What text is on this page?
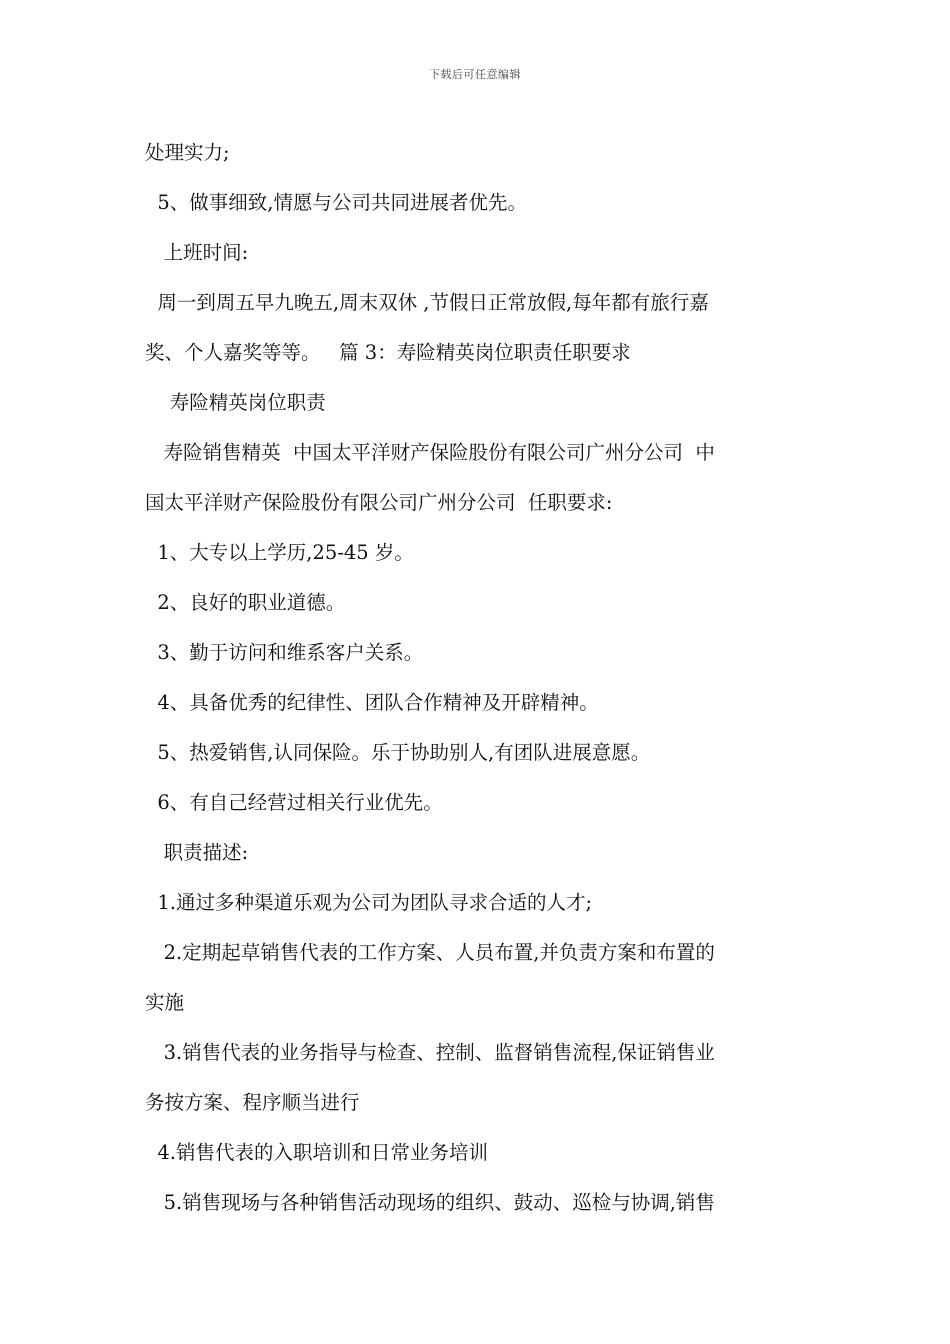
下载后可任意编辑
处理实力;
5、做事细致,情愿与公司共同进展者优先。
上班时间:
周一到周五早九晚五,周末双休 ,节假日正常放假,每年都有旅行嘉
奖、个人嘉奖等等。   篇 3：寿险精英岗位职责任职要求
寿险精英岗位职责
寿险销售精英  中国太平洋财产保险股份有限公司广州分公司  中
国太平洋财产保险股份有限公司广州分公司  任职要求:
1、大专以上学历,25-45 岁。
2、良好的职业道德。
3、勤于访问和维系客户关系。
4、具备优秀的纪律性、团队合作精神及开辟精神。
5、热爱销售,认同保险。乐于协助别人,有团队进展意愿。
6、有自己经营过相关行业优先。
职责描述:
1.通过多种渠道乐观为公司为团队寻求合适的人才;
2.定期起草销售代表的工作方案、人员布置,并负责方案和布置的
实施
3.销售代表的业务指导与检查、控制、监督销售流程,保证销售业
务按方案、程序顺当进行
4.销售代表的入职培训和日常业务培训
5.销售现场与各种销售活动现场的组织、鼓动、巡检与协调,销售
